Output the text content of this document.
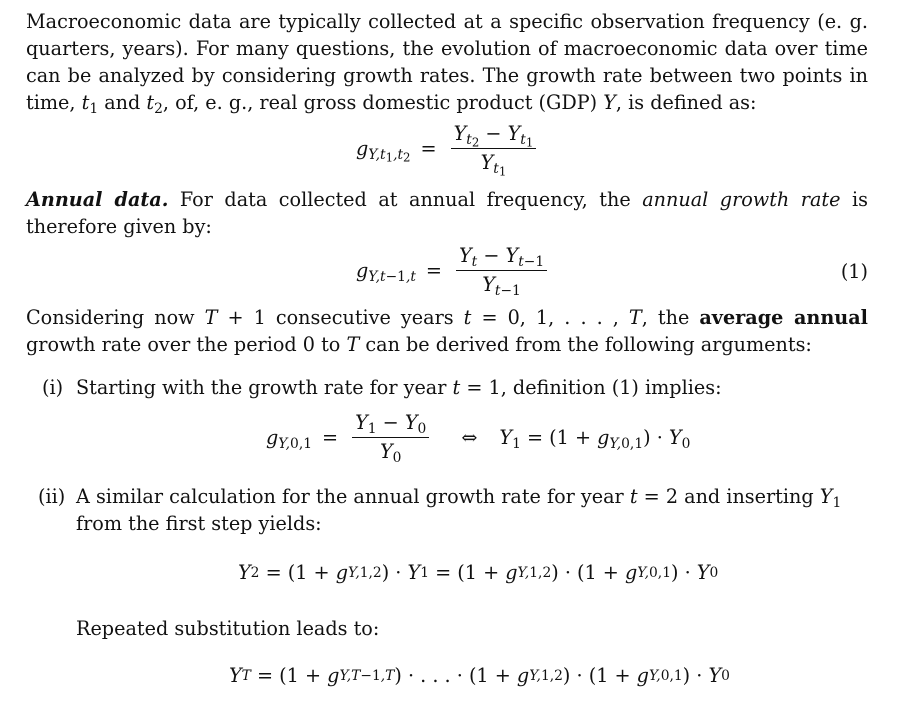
Macroeconomic data are typically collected at a specific observation frequency (e. g. quarters, years). For many questions, the evolution of macroeconomic data over time can be analyzed by considering growth rates. The growth rate between two points in time, $t_1$ and $t_2$, of, e. g., real gross domestic product (GDP) Y, is defined as:

$g_{Y,t_1,t_2} = \frac{Y_{t_2} - Y_{t_1}}{Y_{t_1}}$

Annual data. For data collected at annual frequency, the annual growth rate is therefore given by:

$g_{Y,t-1,t} = \frac{Y_t - Y_{t-1}}{Y_{t-1}}$	(1)

Considering now T + 1 consecutive years t = 0, 1, . . . , T, the average annual growth rate over the period 0 to T can be derived from the following arguments:

(i) Starting with the growth rate for year t = 1, definition (1) implies:
$g_{Y,0,1} = \frac{Y_1 - Y_0}{Y_0}$ ⇔ $Y_1 = (1 + g_{Y,0,1}) \cdot Y_0$
(ii) A similar calculation for the annual growth rate for year t = 2 and inserting $Y_1$ from the first step yields:
Y 2
= (1 + g Y,1,2 ) · Y 1
= (1 + g Y,1,2 ) · (1 + g Y,0,1 ) · Y 0
Repeated substitution leads to:
Y T
= (1 + g Y,T−1,T ) · . . . · (1 + g Y,1,2 ) · (1 + g Y,0,1 ) · Y 0
